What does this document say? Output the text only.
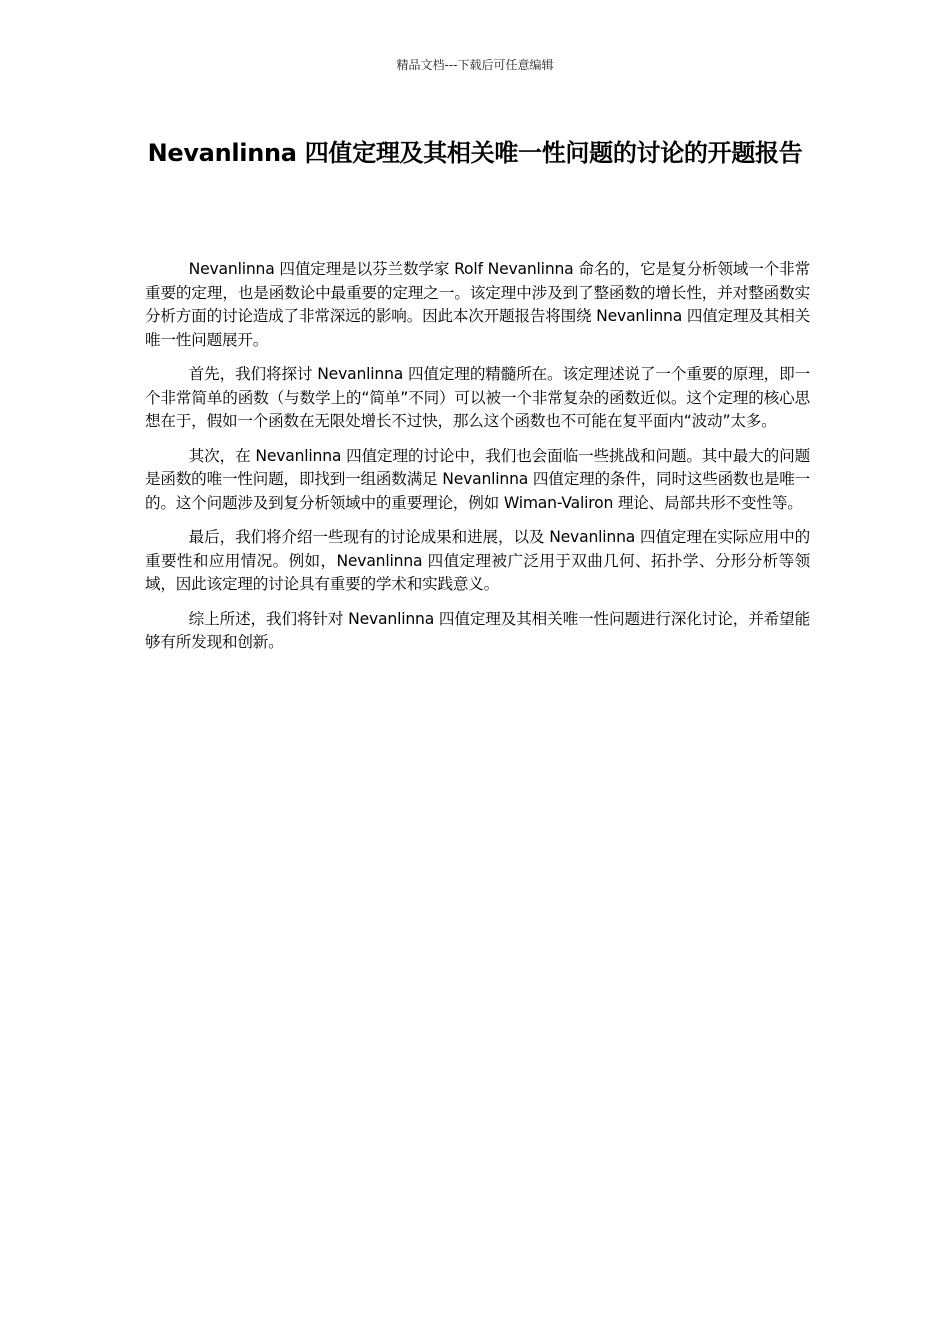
精品文档---下载后可任意编辑
Nevanlinna 四值定理及其相关唯一性问题的讨论的开题报告

Nevanlinna 四值定理是以芬兰数学家 Rolf Nevanlinna 命名的，它是复分析领域一个非常重要的定理，也是函数论中最重要的定理之一。该定理中涉及到了整函数的增长性，并对整函数实分析方面的讨论造成了非常深远的影响。因此本次开题报告将围绕 Nevanlinna 四值定理及其相关唯一性问题展开。

首先，我们将探讨 Nevanlinna 四值定理的精髓所在。该定理述说了一个重要的原理，即一个非常简单的函数（与数学上的“简单”不同）可以被一个非常复杂的函数近似。这个定理的核心思想在于，假如一个函数在无限处增长不过快，那么这个函数也不可能在复平面内“波动”太多。

其次，在 Nevanlinna 四值定理的讨论中，我们也会面临一些挑战和问题。其中最大的问题是函数的唯一性问题，即找到一组函数满足 Nevanlinna 四值定理的条件，同时这些函数也是唯一的。这个问题涉及到复分析领域中的重要理论，例如 Wiman-Valiron 理论、局部共形不变性等。

最后，我们将介绍一些现有的讨论成果和进展，以及 Nevanlinna 四值定理在实际应用中的重要性和应用情况。例如，Nevanlinna 四值定理被广泛用于双曲几何、拓扑学、分形分析等领域，因此该定理的讨论具有重要的学术和实践意义。

综上所述，我们将针对 Nevanlinna 四值定理及其相关唯一性问题进行深化讨论，并希望能够有所发现和创新。
